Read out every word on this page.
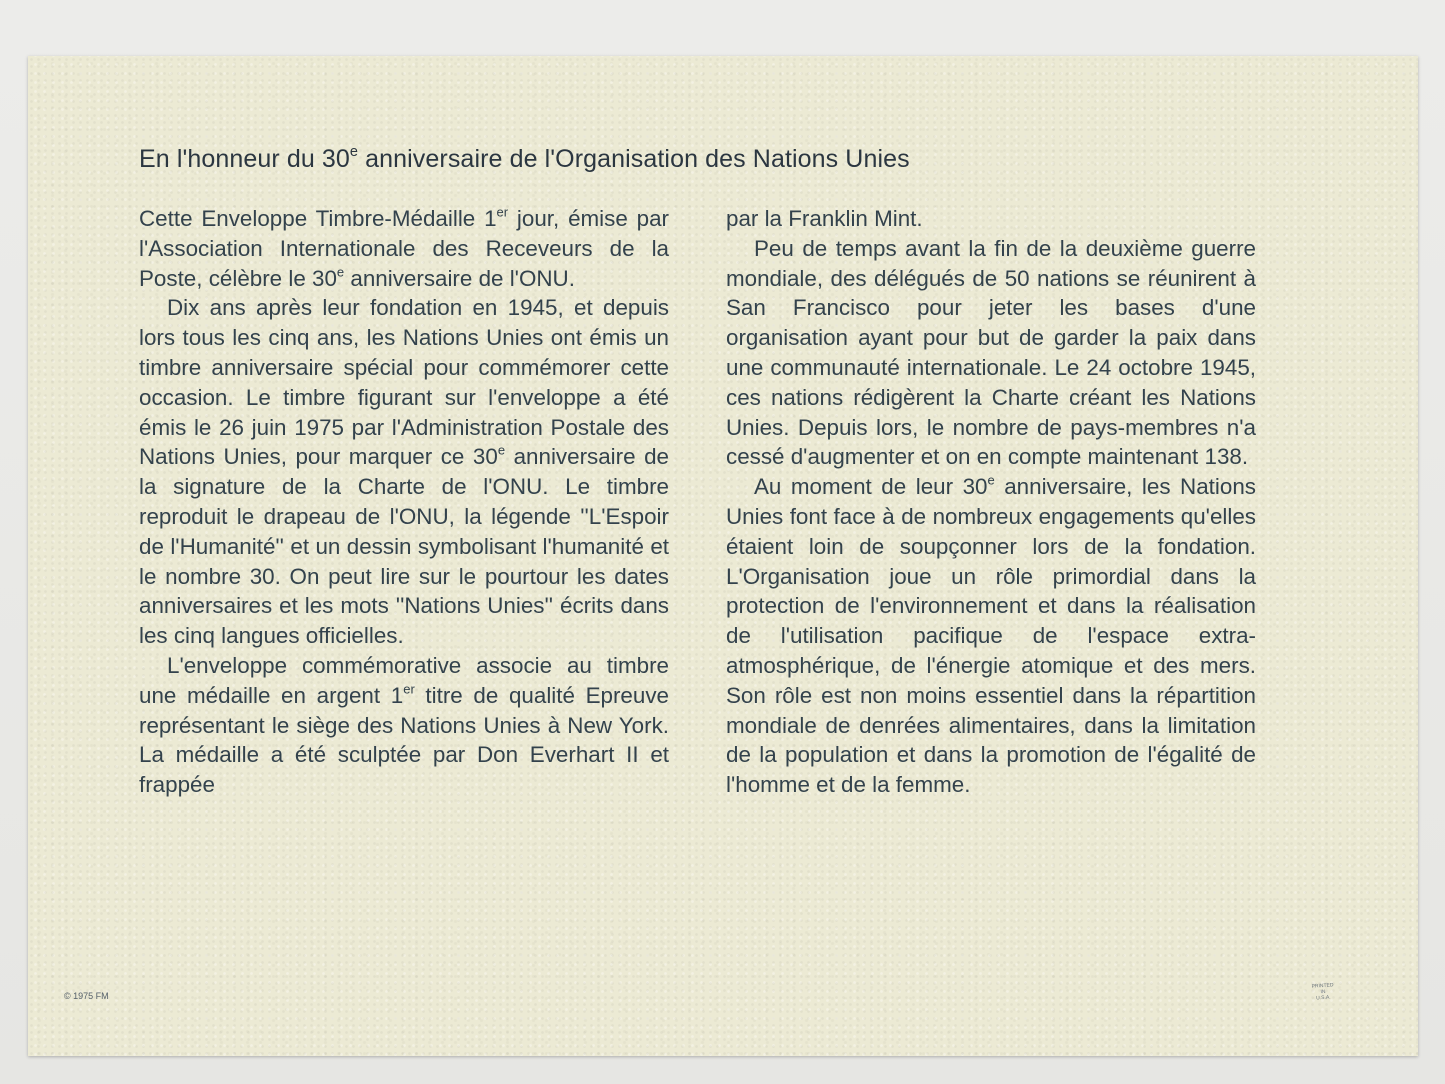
En l'honneur du 30e anniversaire de l'Organisation des Nations Unies

Cette Enveloppe Timbre-Médaille 1er jour, émise par l'Association Internationale des Receveurs de la Poste, célèbre le 30e anniversaire de l'ONU.

Dix ans après leur fondation en 1945, et depuis lors tous les cinq ans, les Nations Unies ont émis un timbre anniversaire spécial pour commémorer cette occasion. Le timbre figurant sur l'enveloppe a été émis le 26 juin 1975 par l'Administration Postale des Nations Unies, pour marquer ce 30e anniversaire de la signature de la Charte de l'ONU. Le timbre reproduit le drapeau de l'ONU, la légende ''L'Espoir de l'Humanité'' et un dessin symbolisant l'humanité et le nombre 30. On peut lire sur le pourtour les dates anniversaires et les mots ''Nations Unies'' écrits dans les cinq langues officielles.

L'enveloppe commémorative associe au timbre une médaille en argent 1er titre de qualité Epreuve représentant le siège des Nations Unies à New York. La médaille a été sculptée par Don Everhart II et frappée

par la Franklin Mint.

Peu de temps avant la fin de la deuxième guerre mondiale, des délégués de 50 nations se réunirent à San Francisco pour jeter les bases d'une organisation ayant pour but de garder la paix dans une communauté internationale. Le 24 octobre 1945, ces nations rédigèrent la Charte créant les Nations Unies. Depuis lors, le nombre de pays-membres n'a cessé d'augmenter et on en compte maintenant 138.

Au moment de leur 30e anniversaire, les Nations Unies font face à de nombreux engagements qu'elles étaient loin de soupçonner lors de la fondation. L'Organisation joue un rôle primordial dans la protection de l'environnement et dans la réalisation de l'utilisation pacifique de l'espace extra-atmosphérique, de l'énergie atomique et des mers. Son rôle est non moins essentiel dans la répartition mondiale de denrées alimentaires, dans la limitation de la population et dans la promotion de l'égalité de l'homme et de la femme.

© 1975 FM
PRINTED
IN
U.S.A.
